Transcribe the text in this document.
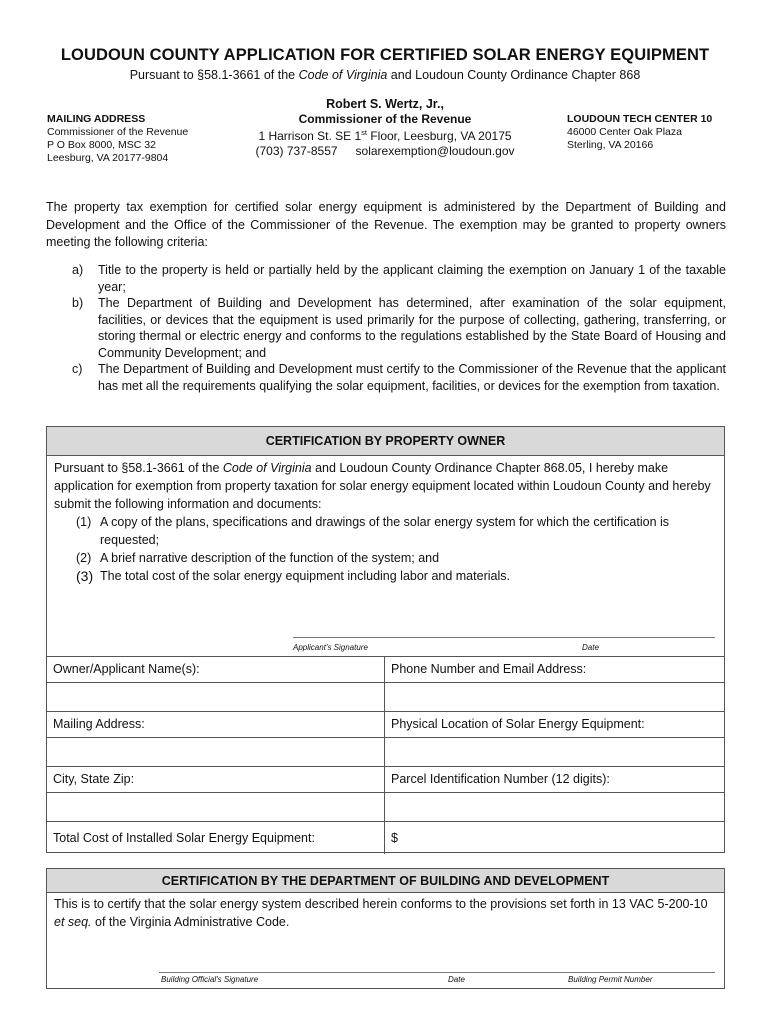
LOUDOUN COUNTY APPLICATION FOR CERTIFIED SOLAR ENERGY EQUIPMENT
Pursuant to §58.1-3661 of the Code of Virginia and Loudoun County Ordinance Chapter 868
MAILING ADDRESS
Commissioner of the Revenue
P O Box 8000, MSC 32
Leesburg, VA 20177-9804
Robert S. Wertz, Jr.,
Commissioner of the Revenue
1 Harrison St. SE 1st Floor, Leesburg, VA 20175
(703) 737-8557 solarexemption@loudoun.gov
LOUDOUN TECH CENTER 10
46000 Center Oak Plaza
Sterling, VA 20166
The property tax exemption for certified solar energy equipment is administered by the Department of Building and Development and the Office of the Commissioner of the Revenue. The exemption may be granted to property owners meeting the following criteria:
a) Title to the property is held or partially held by the applicant claiming the exemption on January 1 of the taxable year;
b) The Department of Building and Development has determined, after examination of the solar equipment, facilities, or devices that the equipment is used primarily for the purpose of collecting, gathering, transferring, or storing thermal or electric energy and conforms to the regulations established by the State Board of Housing and Community Development; and
c) The Department of Building and Development must certify to the Commissioner of the Revenue that the applicant has met all the requirements qualifying the solar equipment, facilities, or devices for the exemption from taxation.
CERTIFICATION BY PROPERTY OWNER
Pursuant to §58.1-3661 of the Code of Virginia and Loudoun County Ordinance Chapter 868.05, I hereby make application for exemption from property taxation for solar energy equipment located within Loudoun County and hereby submit the following information and documents:
(1) A copy of the plans, specifications and drawings of the solar energy system for which the certification is requested;
(2) A brief narrative description of the function of the system; and
(3) The total cost of the solar energy equipment including labor and materials.
Applicant's Signature	Date
Owner/Applicant Name(s):	Phone Number and Email Address:
Mailing Address:	Physical Location of Solar Energy Equipment:
City, State Zip:	Parcel Identification Number (12 digits):
Total Cost of Installed Solar Energy Equipment:	$
CERTIFICATION BY THE DEPARTMENT OF BUILDING AND DEVELOPMENT
This is to certify that the solar energy system described herein conforms to the provisions set forth in 13 VAC 5-200-10 et seq. of the Virginia Administrative Code.
Building Official's Signature	Date	Building Permit Number
